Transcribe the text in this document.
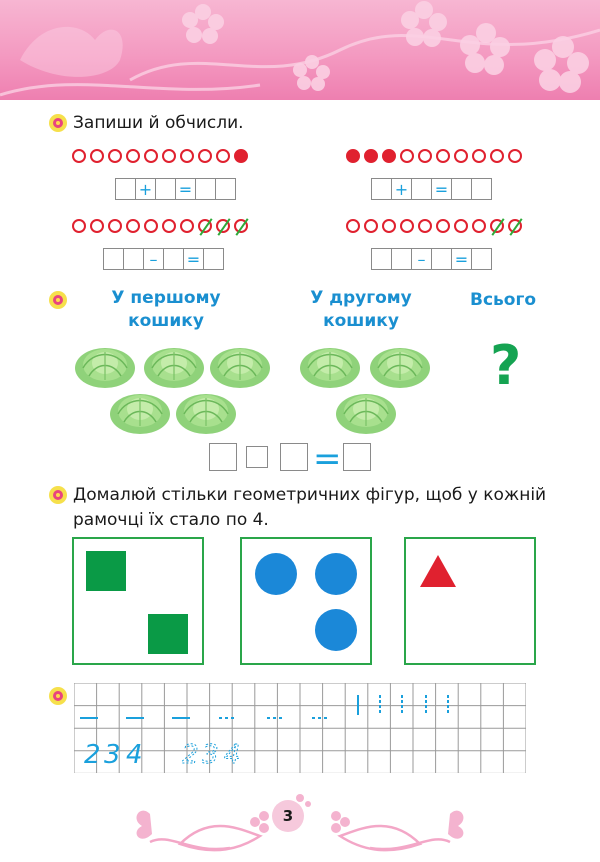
Запиши й обчисли.
+ =	+ =
–	=	–	=
У першому кошику
У другому кошику
Всього
?
=
Домалюй стільки геометричних фігур, щоб у кожній
рамочці їх стало по 4.
2 3 4 2 3 4
3
